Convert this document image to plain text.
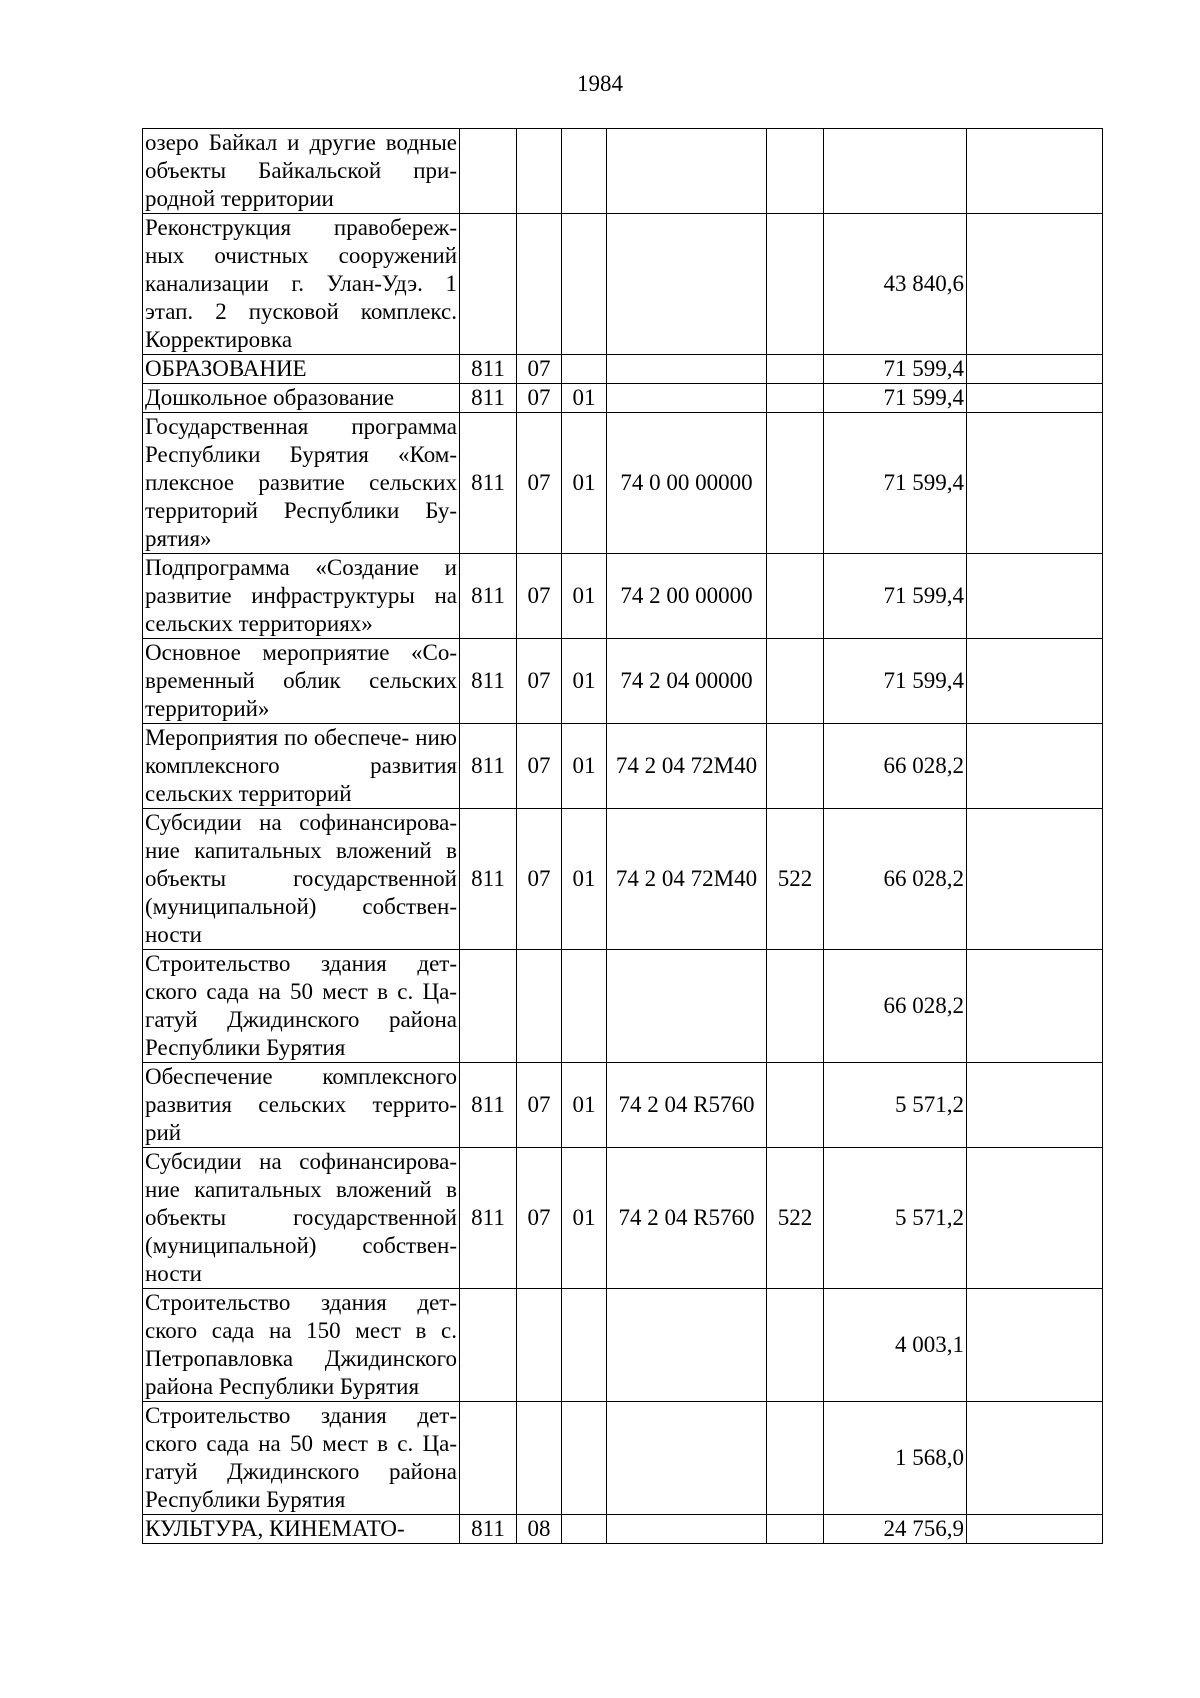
1984
озеро Байкал и другие водные объекты Байкальской при- родной территории							
Реконструкция правобереж- ных очистных сооружений канализации г. Улан-Удэ. 1 этап. 2 пусковой комплекс. Корректировка						43 840,6	
ОБРАЗОВАНИЕ	811	07				71 599,4	
Дошкольное образование	811	07	01			71 599,4	
Государственная программа Республики Бурятия «Ком- плексное развитие сельских территорий Республики Бу- рятия»	811	07	01	74 0 00 00000		71 599,4	
Подпрограмма «Создание и развитие инфраструктуры на сельских территориях»	811	07	01	74 2 00 00000		71 599,4	
Основное мероприятие «Со- временный облик сельских территорий»	811	07	01	74 2 04 00000		71 599,4	
Мероприятия по обеспече- нию комплексного развития сельских территорий	811	07	01	74 2 04 72М40		66 028,2	
Субсидии на софинансирова- ние капитальных вложений в объекты государственной (муниципальной) собствен- ности	811	07	01	74 2 04 72М40	522	66 028,2	
Строительство здания дет- ского сада на 50 мест в с. Ца- гатуй Джидинского района Республики Бурятия						66 028,2	
Обеспечение комплексного развития сельских террито- рий	811	07	01	74 2 04 R5760		5 571,2	
Субсидии на софинансирова- ние капитальных вложений в объекты государственной (муниципальной) собствен- ности	811	07	01	74 2 04 R5760	522	5 571,2	
Строительство здания дет- ского сада на 150 мест в с. Петропавловка Джидинского района Республики Бурятия						4 003,1	
Строительство здания дет- ского сада на 50 мест в с. Ца- гатуй Джидинского района Республики Бурятия						1 568,0	
КУЛЬТУРА, КИНЕМАТО-	811	08				24 756,9	
